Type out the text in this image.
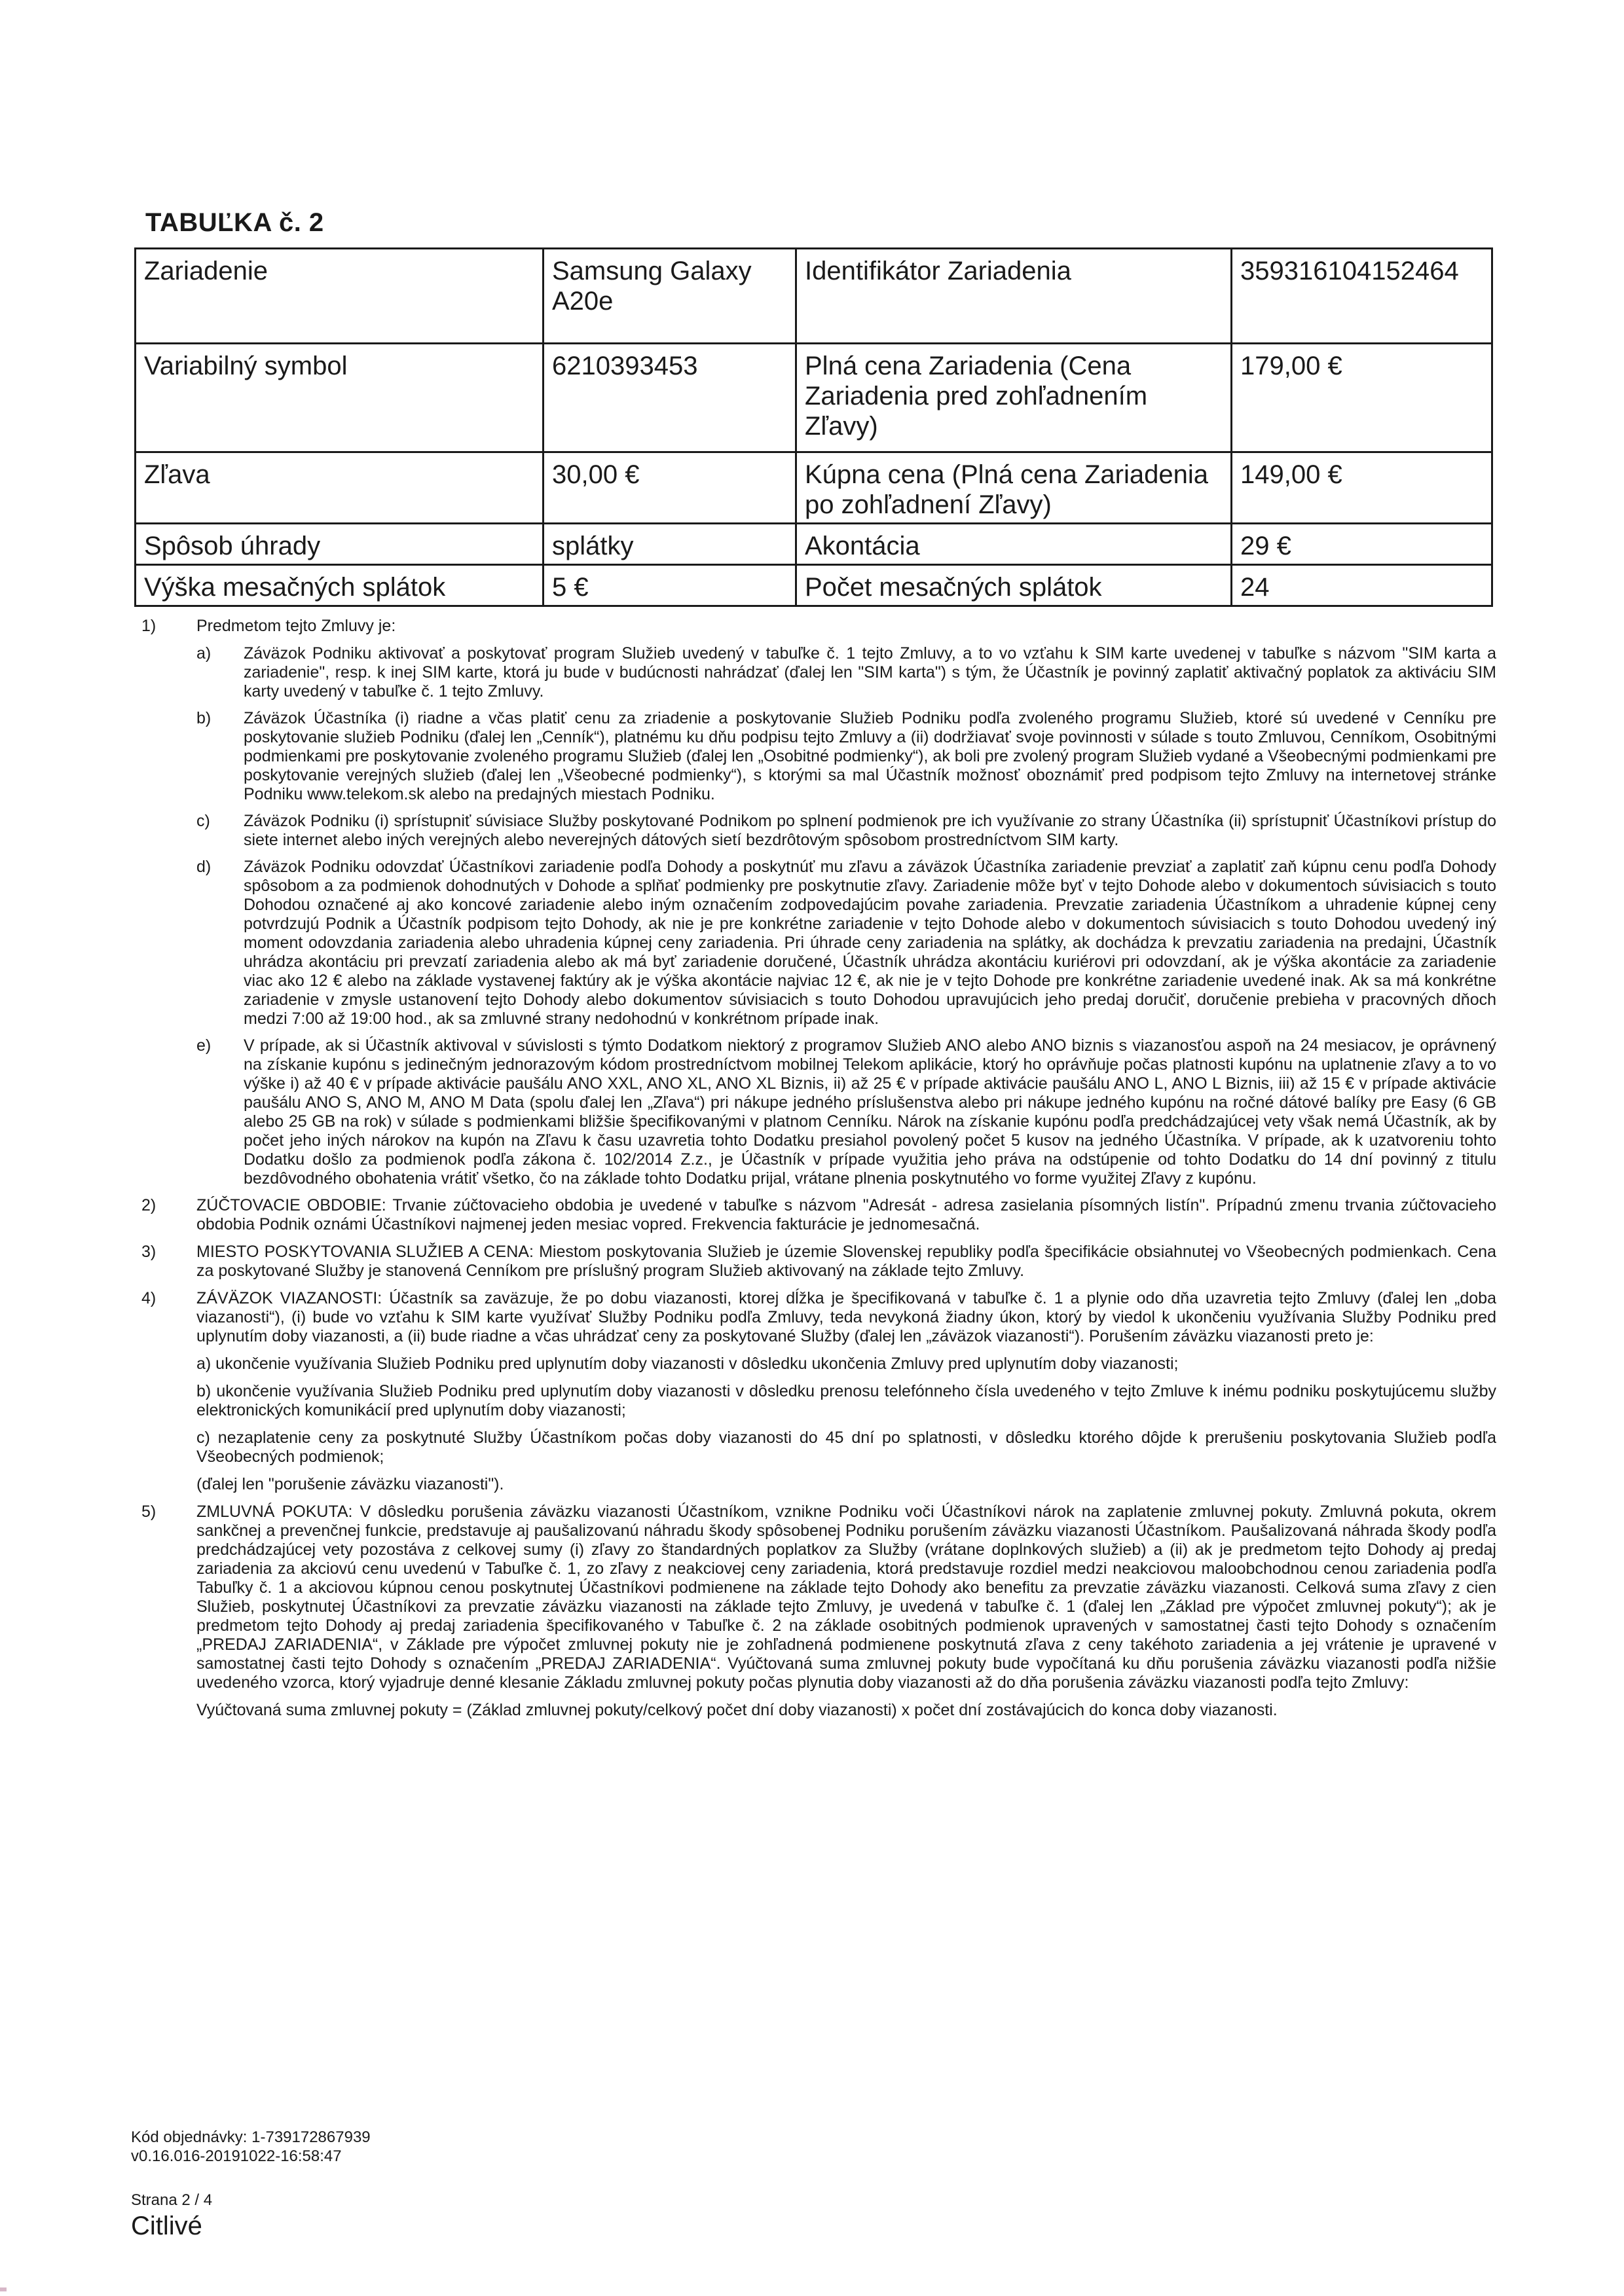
TABUĽKA č. 2
Zariadenie	Samsung Galaxy A20e	Identifikátor Zariadenia	359316104152464
Variabilný symbol	6210393453	Plná cena Zariadenia (Cena Zariadenia pred zohľadnením Zľavy)	179,00 €
Zľava	30,00 €	Kúpna cena (Plná cena Zariadenia po zohľadnení Zľavy)	149,00 €
Spôsob úhrady	splátky	Akontácia	29 €
Výška mesačných splátok	5 €	Počet mesačných splátok	24
1) Predmetom tejto Zmluvy je:
a) Záväzok Podniku aktivovať a poskytovať program Služieb uvedený v tabuľke č. 1 tejto Zmluvy, a to vo vzťahu k SIM karte uvedenej v tabuľke s názvom "SIM karta a zariadenie", resp. k inej SIM karte, ktorá ju bude v budúcnosti nahrádzať (ďalej len "SIM karta") s tým, že Účastník je povinný zaplatiť aktivačný poplatok za aktiváciu SIM karty uvedený v tabuľke č. 1 tejto Zmluvy.
b) Záväzok Účastníka (i) riadne a včas platiť cenu za zriadenie a poskytovanie Služieb Podniku podľa zvoleného programu Služieb, ktoré sú uvedené v Cenníku pre poskytovanie služieb Podniku (ďalej len „Cenník“), platnému ku dňu podpisu tejto Zmluvy a (ii) dodržiavať svoje povinnosti v súlade s touto Zmluvou, Cenníkom, Osobitnými podmienkami pre poskytovanie zvoleného programu Služieb (ďalej len „Osobitné podmienky“), ak boli pre zvolený program Služieb vydané a Všeobecnými podmienkami pre poskytovanie verejných služieb (ďalej len „Všeobecné podmienky“), s ktorými sa mal Účastník možnosť oboznámiť pred podpisom tejto Zmluvy na internetovej stránke Podniku www.telekom.sk alebo na predajných miestach Podniku.
c) Záväzok Podniku (i) sprístupniť súvisiace Služby poskytované Podnikom po splnení podmienok pre ich využívanie zo strany Účastníka (ii) sprístupniť Účastníkovi prístup do siete internet alebo iných verejných alebo neverejných dátových sietí bezdrôtovým spôsobom prostredníctvom SIM karty.
d) Záväzok Podniku odovzdať Účastníkovi zariadenie podľa Dohody a poskytnúť mu zľavu a záväzok Účastníka zariadenie prevziať a zaplatiť zaň kúpnu cenu podľa Dohody spôsobom a za podmienok dohodnutých v Dohode a splňať podmienky pre poskytnutie zľavy. Zariadenie môže byť v tejto Dohode alebo v dokumentoch súvisiacich s touto Dohodou označené aj ako koncové zariadenie alebo iným označením zodpovedajúcim povahe zariadenia. Prevzatie zariadenia Účastníkom a uhradenie kúpnej ceny potvrdzujú Podnik a Účastník podpisom tejto Dohody, ak nie je pre konkrétne zariadenie v tejto Dohode alebo v dokumentoch súvisiacich s touto Dohodou uvedený iný moment odovzdania zariadenia alebo uhradenia kúpnej ceny zariadenia. Pri úhrade ceny zariadenia na splátky, ak dochádza k prevzatiu zariadenia na predajni, Účastník uhrádza akontáciu pri prevzatí zariadenia alebo ak má byť zariadenie doručené, Účastník uhrádza akontáciu kuriérovi pri odovzdaní, ak je výška akontácie za zariadenie viac ako 12 € alebo na základe vystavenej faktúry ak je výška akontácie najviac 12 €, ak nie je v tejto Dohode pre konkrétne zariadenie uvedené inak. Ak sa má konkrétne zariadenie v zmysle ustanovení tejto Dohody alebo dokumentov súvisiacich s touto Dohodou upravujúcich jeho predaj doručiť, doručenie prebieha v pracovných dňoch medzi 7:00 až 19:00 hod., ak sa zmluvné strany nedohodnú v konkrétnom prípade inak.
e) V prípade, ak si Účastník aktivoval v súvislosti s týmto Dodatkom niektorý z programov Služieb ANO alebo ANO biznis s viazanosťou aspoň na 24 mesiacov, je oprávnený na získanie kupónu s jedinečným jednorazovým kódom prostredníctvom mobilnej Telekom aplikácie, ktorý ho oprávňuje počas platnosti kupónu na uplatnenie zľavy a to vo výške i) až 40 € v prípade aktivácie paušálu ANO XXL, ANO XL, ANO XL Biznis, ii) až 25 € v prípade aktivácie paušálu ANO L, ANO L Biznis, iii) až 15 € v prípade aktivácie paušálu ANO S, ANO M, ANO M Data (spolu ďalej len „Zľava“) pri nákupe jedného príslušenstva alebo pri nákupe jedného kupónu na ročné dátové balíky pre Easy (6 GB alebo 25 GB na rok) v súlade s podmienkami bližšie špecifikovanými v platnom Cenníku. Nárok na získanie kupónu podľa predchádzajúcej vety však nemá Účastník, ak by počet jeho iných nárokov na kupón na Zľavu k času uzavretia tohto Dodatku presiahol povolený počet 5 kusov na jedného Účastníka. V prípade, ak k uzatvoreniu tohto Dodatku došlo za podmienok podľa zákona č. 102/2014 Z.z., je Účastník v prípade využitia jeho práva na odstúpenie od tohto Dodatku do 14 dní povinný z titulu bezdôvodného obohatenia vrátiť všetko, čo na základe tohto Dodatku prijal, vrátane plnenia poskytnutého vo forme využitej Zľavy z kupónu.
2) ZÚČTOVACIE OBDOBIE: Trvanie zúčtovacieho obdobia je uvedené v tabuľke s názvom "Adresát - adresa zasielania písomných listín". Prípadnú zmenu trvania zúčtovacieho obdobia Podnik oznámi Účastníkovi najmenej jeden mesiac vopred. Frekvencia fakturácie je jednomesačná.
3) MIESTO POSKYTOVANIA SLUŽIEB A CENA: Miestom poskytovania Služieb je územie Slovenskej republiky podľa špecifikácie obsiahnutej vo Všeobecných podmienkach. Cena za poskytované Služby je stanovená Cenníkom pre príslušný program Služieb aktivovaný na základe tejto Zmluvy.
4) ZÁVÄZOK VIAZANOSTI: Účastník sa zaväzuje, že po dobu viazanosti, ktorej dĺžka je špecifikovaná v tabuľke č. 1 a plynie odo dňa uzavretia tejto Zmluvy (ďalej len „doba viazanosti“), (i) bude vo vzťahu k SIM karte využívať Služby Podniku podľa Zmluvy, teda nevykoná žiadny úkon, ktorý by viedol k ukončeniu využívania Služby Podniku pred uplynutím doby viazanosti, a (ii) bude riadne a včas uhrádzať ceny za poskytované Služby (ďalej len „záväzok viazanosti“). Porušením záväzku viazanosti preto je:
a) ukončenie využívania Služieb Podniku pred uplynutím doby viazanosti v dôsledku ukončenia Zmluvy pred uplynutím doby viazanosti;
b) ukončenie využívania Služieb Podniku pred uplynutím doby viazanosti v dôsledku prenosu telefónneho čísla uvedeného v tejto Zmluve k inému podniku poskytujúcemu služby elektronických komunikácií pred uplynutím doby viazanosti;
c) nezaplatenie ceny za poskytnuté Služby Účastníkom počas doby viazanosti do 45 dní po splatnosti, v dôsledku ktorého dôjde k prerušeniu poskytovania Služieb podľa Všeobecných podmienok;
(ďalej len "porušenie záväzku viazanosti").
5) ZMLUVNÁ POKUTA: V dôsledku porušenia záväzku viazanosti Účastníkom, vznikne Podniku voči Účastníkovi nárok na zaplatenie zmluvnej pokuty. Zmluvná pokuta, okrem sankčnej a prevenčnej funkcie, predstavuje aj paušalizovanú náhradu škody spôsobenej Podniku porušením záväzku viazanosti Účastníkom. Paušalizovaná náhrada škody podľa predchádzajúcej vety pozostáva z celkovej sumy (i) zľavy zo štandardných poplatkov za Služby (vrátane doplnkových služieb) a (ii) ak je predmetom tejto Dohody aj predaj zariadenia za akciovú cenu uvedenú v Tabuľke č. 1, zo zľavy z neakciovej ceny zariadenia, ktorá predstavuje rozdiel medzi neakciovou maloobchodnou cenou zariadenia podľa Tabuľky č. 1 a akciovou kúpnou cenou poskytnutej Účastníkovi podmienene na základe tejto Dohody ako benefitu za prevzatie záväzku viazanosti. Celková suma zľavy z cien Služieb, poskytnutej Účastníkovi za prevzatie záväzku viazanosti na základe tejto Zmluvy, je uvedená v tabuľke č. 1 (ďalej len „Základ pre výpočet zmluvnej pokuty“); ak je predmetom tejto Dohody aj predaj zariadenia špecifikovaného v Tabuľke č. 2 na základe osobitných podmienok upravených v samostatnej časti tejto Dohody s označením „PREDAJ ZARIADENIA“, v Základe pre výpočet zmluvnej pokuty nie je zohľadnená podmienene poskytnutá zľava z ceny takéhoto zariadenia a jej vrátenie je upravené v samostatnej časti tejto Dohody s označením „PREDAJ ZARIADENIA“. Vyúčtovaná suma zmluvnej pokuty bude vypočítaná ku dňu porušenia záväzku viazanosti podľa nižšie uvedeného vzorca, ktorý vyjadruje denné klesanie Základu zmluvnej pokuty počas plynutia doby viazanosti až do dňa porušenia záväzku viazanosti podľa tejto Zmluvy:
Vyúčtovaná suma zmluvnej pokuty = (Základ zmluvnej pokuty/celkový počet dní doby viazanosti) x počet dní zostávajúcich do konca doby viazanosti.
Kód objednávky: 1-739172867939
v0.16.016-20191022-16:58:47
Strana 2 / 4
Citlivé
